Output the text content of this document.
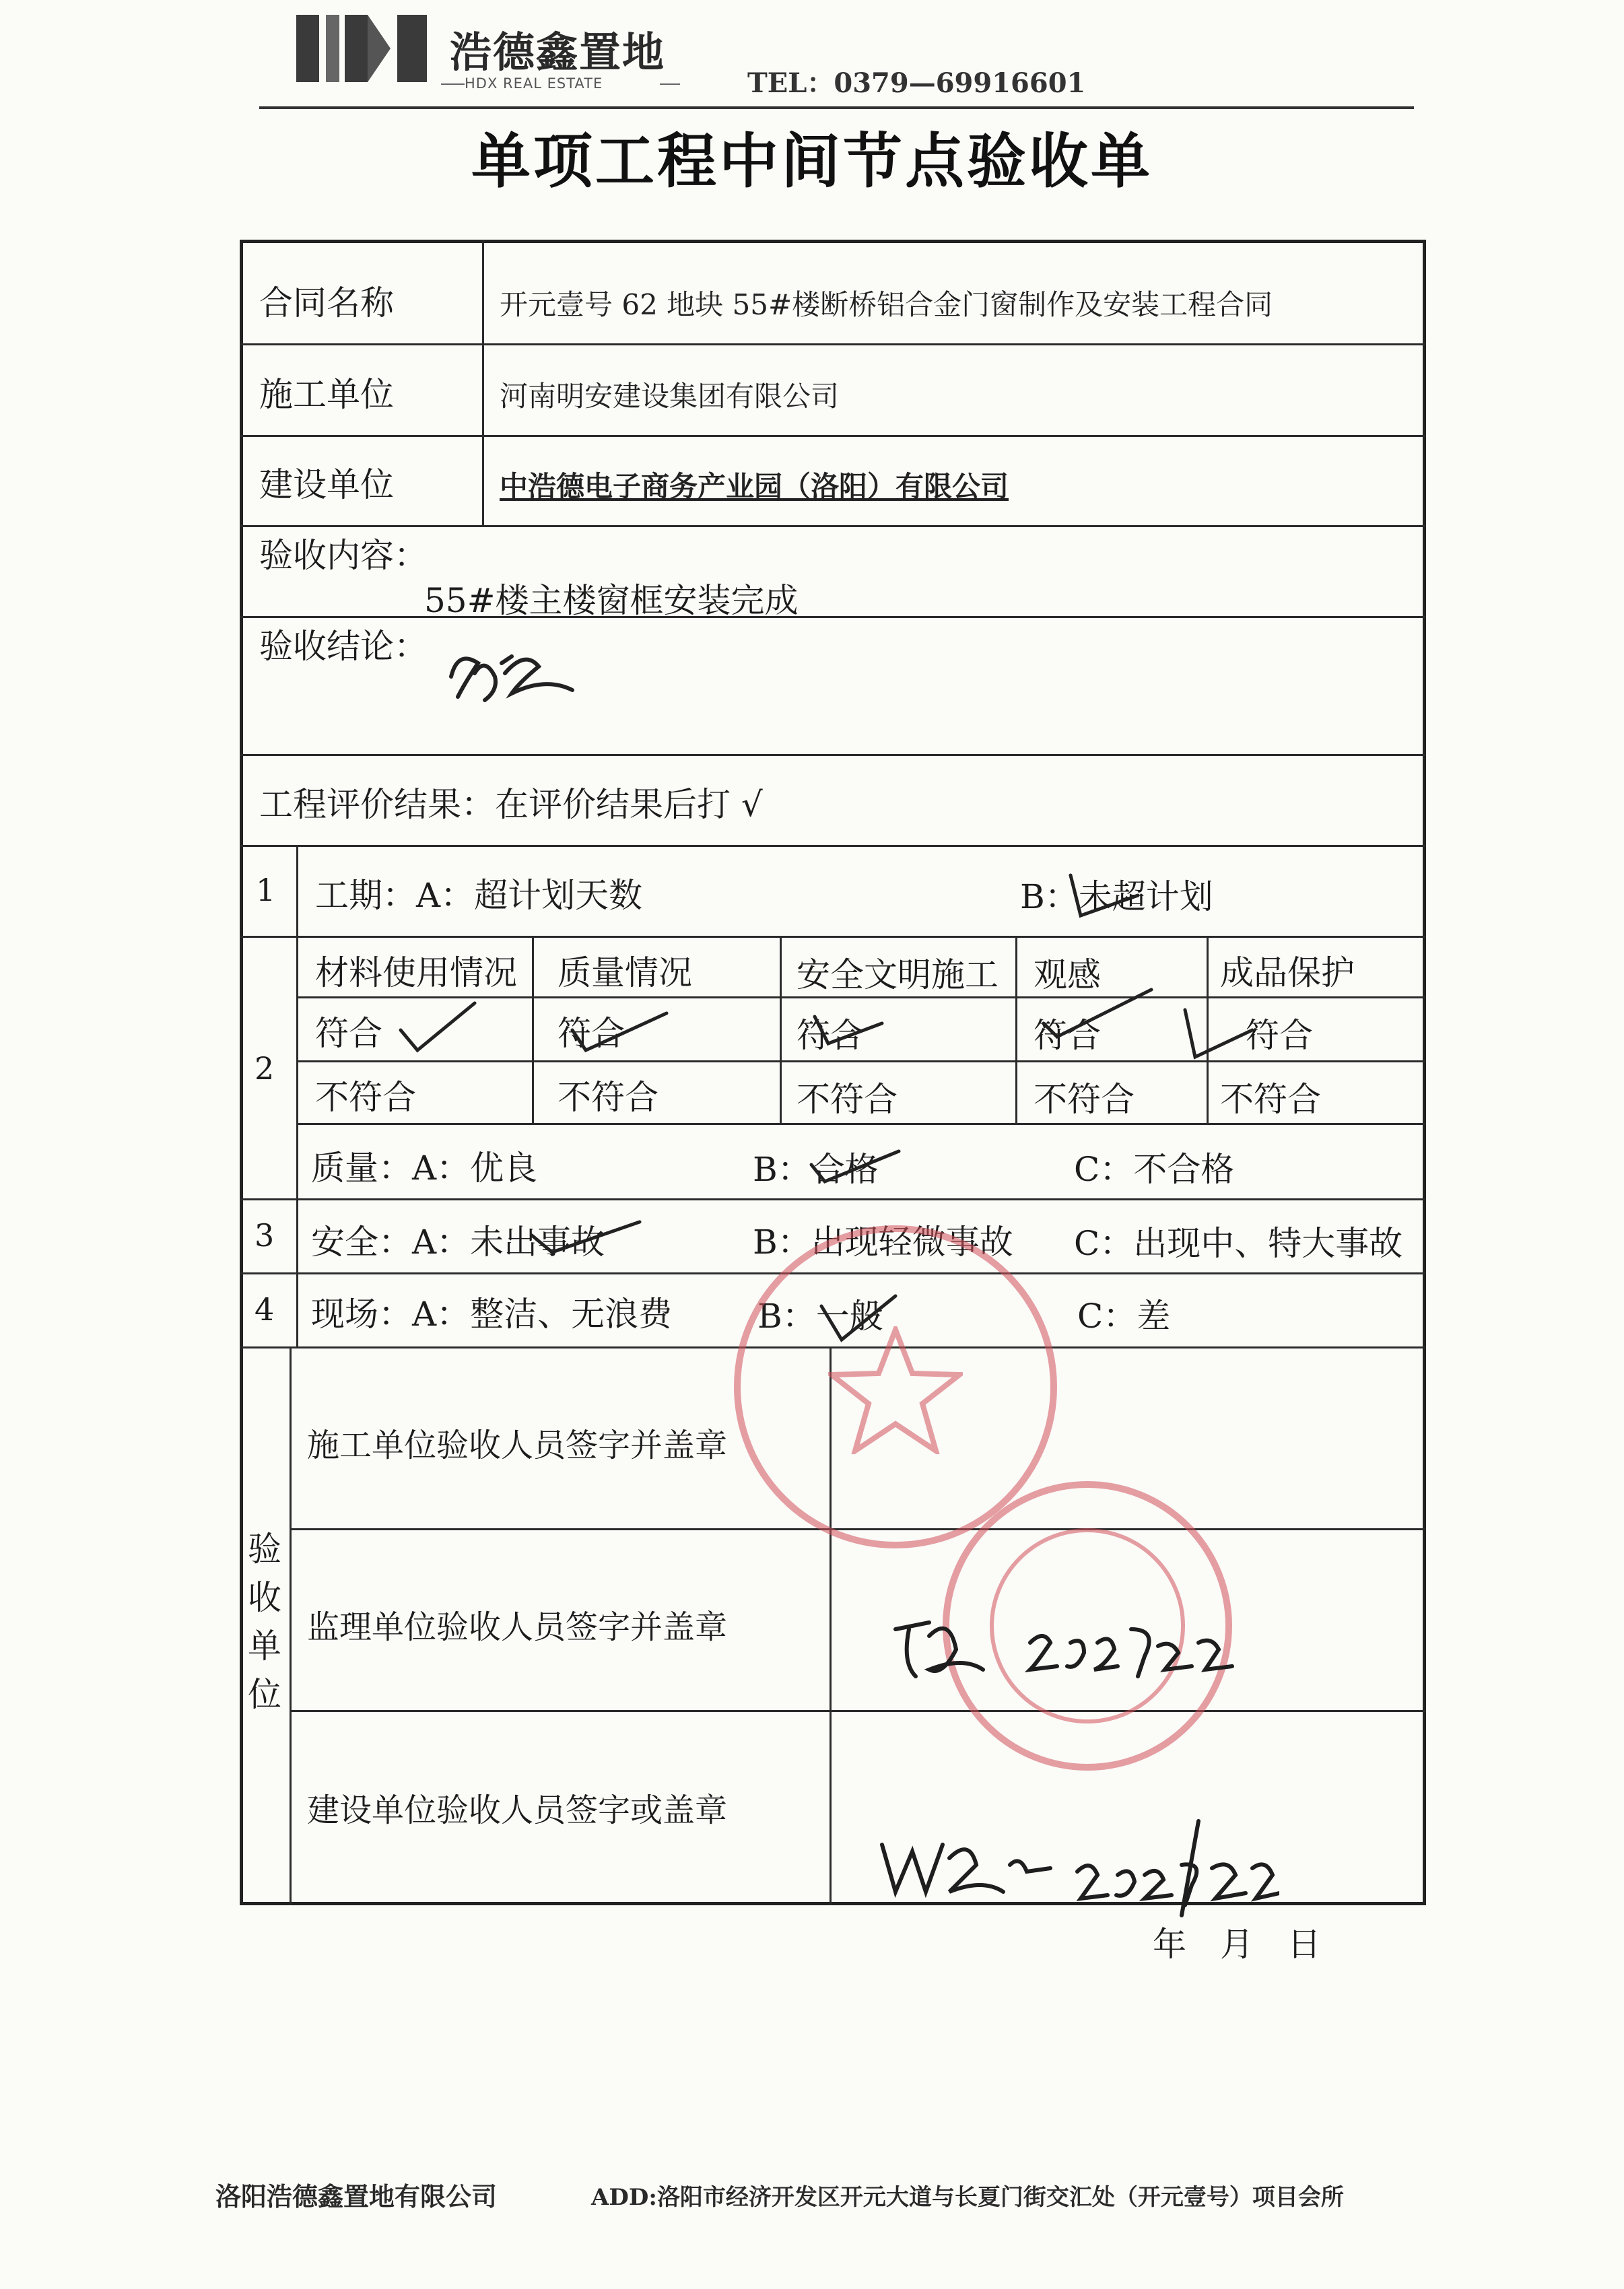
浩德鑫置地
HDX REAL ESTATE	TEL：0379—69916601
单项工程中间节点验收单
合同名称	开元壹号 62 地块 55#楼断桥铝合金门窗制作及安装工程合同
施工单位	河南明安建设集团有限公司
建设单位	中浩德电子商务产业园（洛阳）有限公司
验收内容：
55#楼主楼窗框安装完成
验收结论：
工程评价结果：在评价结果后打 √
1 工期：A：超计划天数	B：未超计划
2
材料使用情况 质量情况	安全文明施工 观感	成品保护
符合	符合	符合	符合	符合
不符合	不符合	不符合	不符合	不符合
质量：A：优良	B：合格	C：不合格
3 安全：A：未出事故	B：出现轻微事故 C：出现中、特大事故
4 现场：A：整洁、无浪费	B：一般	C：差
验收单位
施工单位验收人员签字并盖章
监理单位验收人员签字并盖章
建设单位验收人员签字或盖章
年　月　日
洛阳浩德鑫置地有限公司	ADD:洛阳市经济开发区开元大道与长夏门街交汇处（开元壹号）项目会所
